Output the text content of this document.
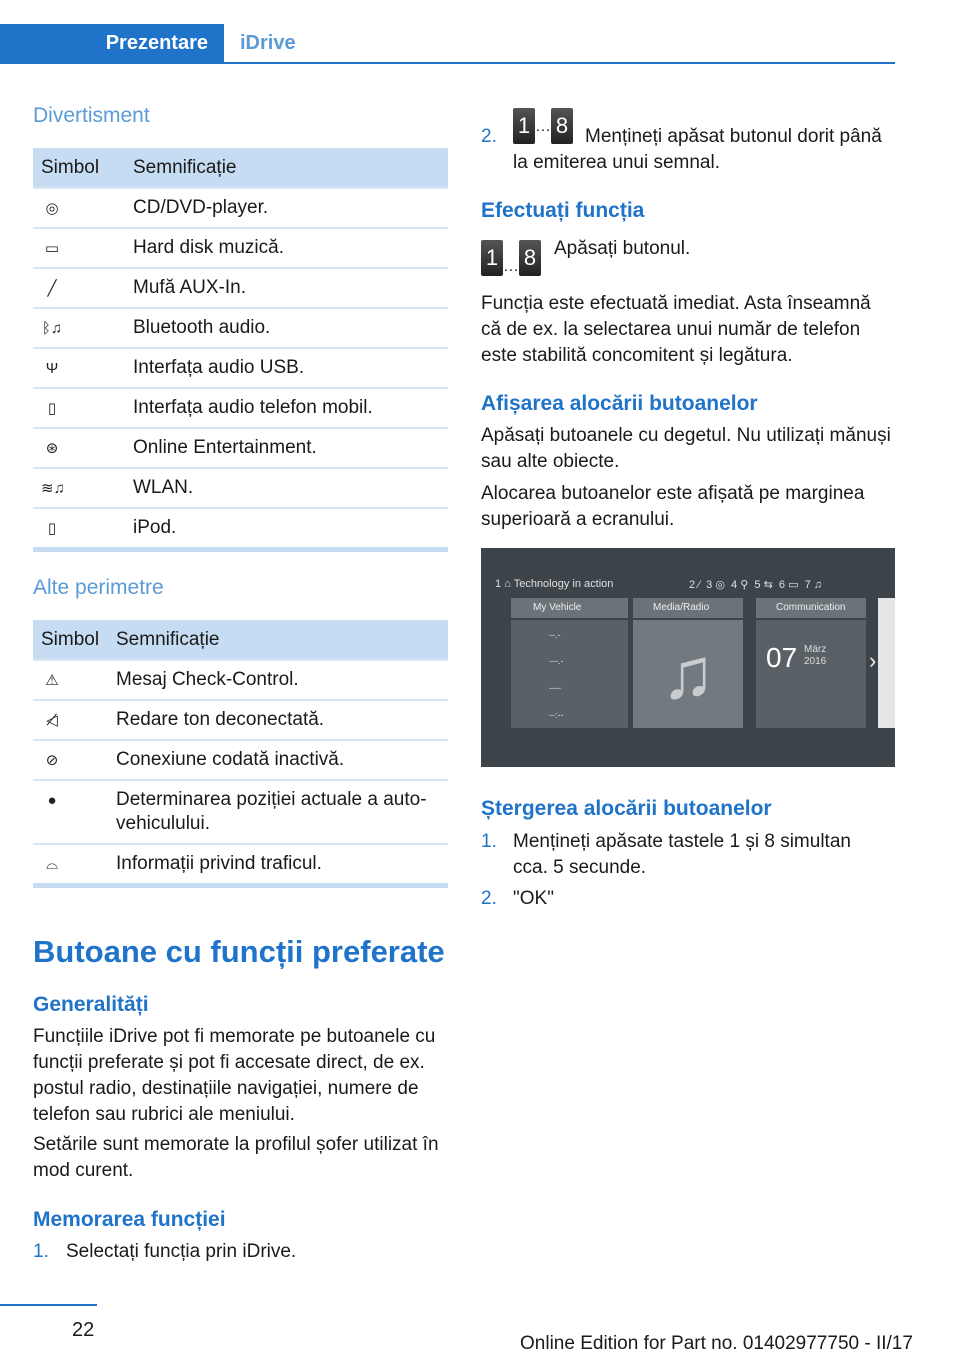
Prezentare	iDrive
Divertisment
Simbol	Semnificație
◎	CD/DVD-player.
▭	Hard disk muzică.
╱	Mufă AUX-In.
ᛒ♫	Bluetooth audio.
Ψ	Interfața audio USB.
▯	Interfața audio telefon mobil.
⊛	Online Entertainment.
≋♫	WLAN.
▯	iPod.
Alte perimetre
Simbol	Semnificație
⚠	Mesaj Check-Control.
◁̸	Redare ton deconectată.
⊘	Conexiune codată inactivă.
●	Determinarea poziției actuale a autovehiculului.
⌓	Informații privind traficul.
Butoane cu funcții preferate
Generalități

Funcțiile iDrive pot fi memorate pe butoanele cu funcții preferate și pot fi accesate direct, de ex. postul radio, destinațiile navigației, numere de telefon sau rubrici ale meniului.

Setările sunt memorate la profilul șofer utilizat în mod curent.

Memorarea funcției
1. Selectați funcția prin iDrive.
2. 1 … 8 Mențineți apăsat butonul dorit până la emiterea unui semnal.
Efectuați funcția
1 … 8 Apăsați butonul.

Funcția este efectuată imediat. Asta înseamnă că de ex. la selectarea unui număr de telefon este stabilită concomitent și legătura.

Afișarea alocării butoanelor

Apăsați butoanele cu degetul. Nu utilizați mănuși sau alte obiecte.

Alocarea butoanelor este afișată pe marginea superioară a ecranului.

1 ⌂ Technology in action	2 ⁄  3 ◎  4 ⚲  5 ⇆  6 ▭  7 ♫
My Vehicle
--.-
---.-
----
--:--
Media/Radio
♫
Communication
07 März
2016 ›
Ștergerea alocării butoanelor
1. Mențineți apăsate tastele 1 și 8 simultan cca. 5 secunde.
2. "OK"
22
Online Edition for Part no. 01402977750 - II/17
